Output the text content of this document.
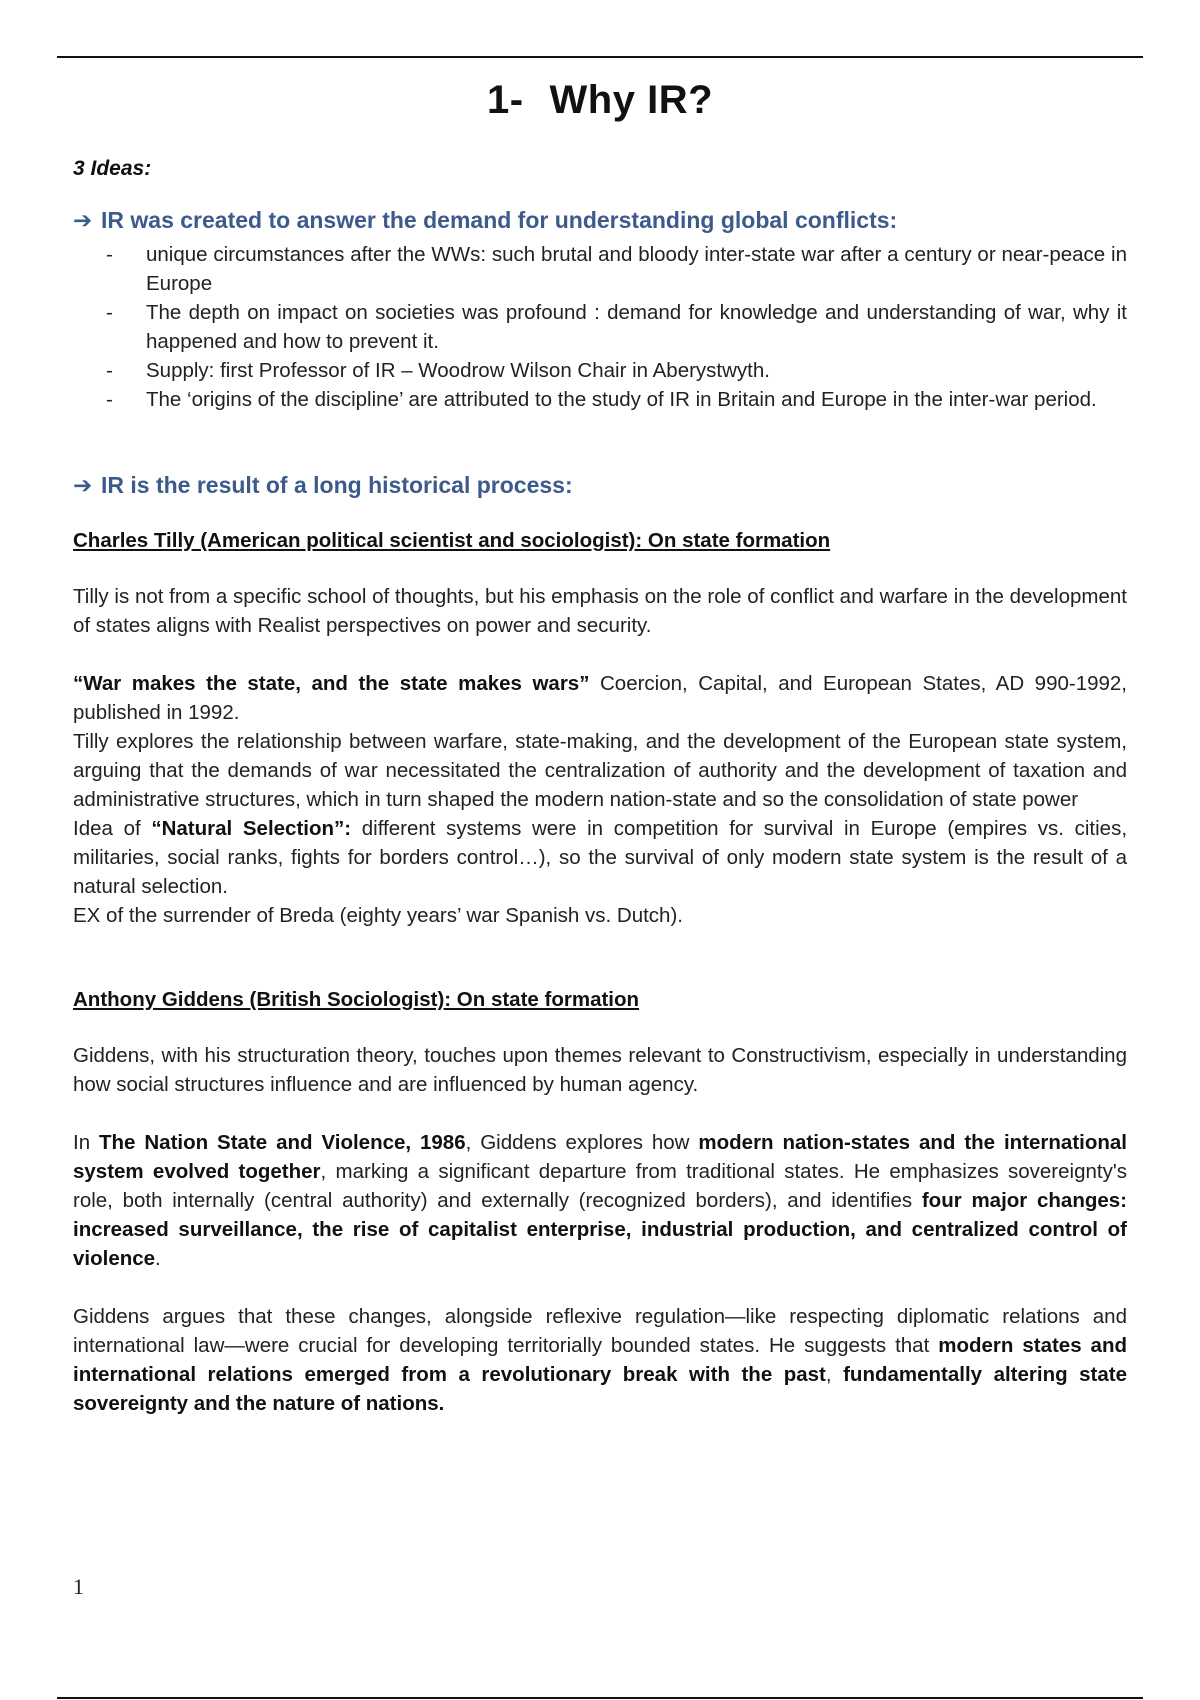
1- Why IR?
3 Ideas:
➔ IR was created to answer the demand for understanding global conflicts:
- unique circumstances after the WWs: such brutal and bloody inter-state war after a century or near-peace in Europe
- The depth on impact on societies was profound : demand for knowledge and understanding of war, why it happened and how to prevent it.
- Supply: first Professor of IR – Woodrow Wilson Chair in Aberystwyth.
- The ‘origins of the discipline’ are attributed to the study of IR in Britain and Europe in the inter-war period.
➔ IR is the result of a long historical process:
Charles Tilly (American political scientist and sociologist): On state formation

Tilly is not from a specific school of thoughts, but his emphasis on the role of conflict and warfare in the development of states aligns with Realist perspectives on power and security.

“War makes the state, and the state makes wars” Coercion, Capital, and European States, AD 990-1992, published in 1992.

Tilly explores the relationship between warfare, state-making, and the development of the European state system, arguing that the demands of war necessitated the centralization of authority and the development of taxation and administrative structures, which in turn shaped the modern nation-state and so the consolidation of state power

Idea of “Natural Selection”: different systems were in competition for survival in Europe (empires vs. cities, militaries, social ranks, fights for borders control…), so the survival of only modern state system is the result of a natural selection.

EX of the surrender of Breda (eighty years’ war Spanish vs. Dutch).

Anthony Giddens (British Sociologist): On state formation

Giddens, with his structuration theory, touches upon themes relevant to Constructivism, especially in understanding how social structures influence and are influenced by human agency.

In The Nation State and Violence, 1986, Giddens explores how modern nation-states and the international system evolved together, marking a significant departure from traditional states. He emphasizes sovereignty's role, both internally (central authority) and externally (recognized borders), and identifies four major changes: increased surveillance, the rise of capitalist enterprise, industrial production, and centralized control of violence.

Giddens argues that these changes, alongside reflexive regulation—like respecting diplomatic relations and international law—were crucial for developing territorially bounded states. He suggests that modern states and international relations emerged from a revolutionary break with the past, fundamentally altering state sovereignty and the nature of nations.

1
